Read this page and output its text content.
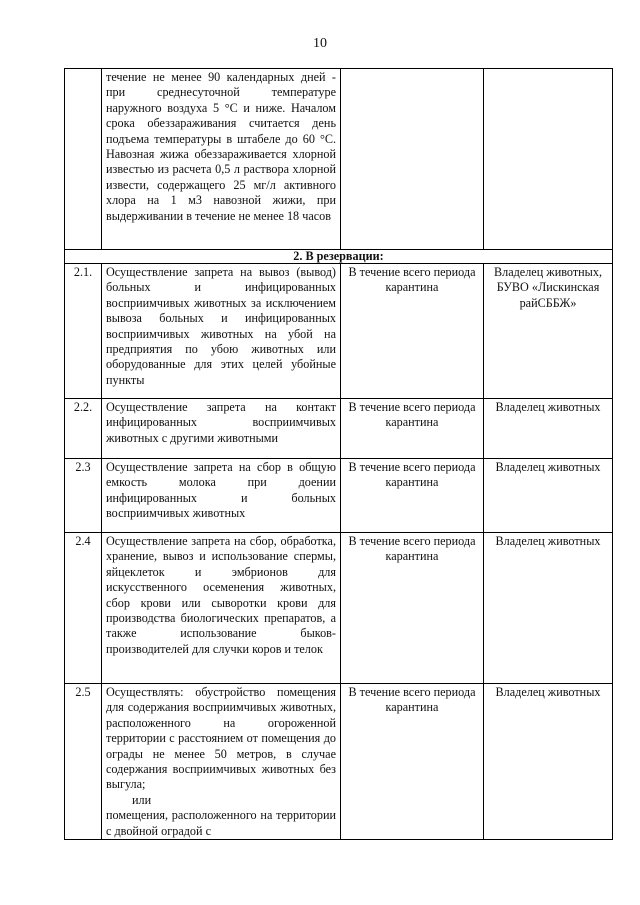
10
	течение не менее 90 календарных дней - при среднесуточной температуре наружного воздуха 5 °С и ниже. Началом срока обеззараживания считается день подъема температуры в штабеле до 60 °С. Навозная жижа обеззараживается хлорной известью из расчета 0,5 л раствора хлорной извести, содержащего 25 мг/л активного хлора на 1 м3 навозной жижи, при выдерживании в течение не менее 18 часов		
2. В резервации:			
2.1.	Осуществление запрета на вывоз (вывод) больных и инфицированных восприимчивых животных за исключением вывоза больных и инфицированных восприимчивых животных на убой на предприятия по убою животных или оборудованные для этих целей убойные пункты	В течение всего периода карантина	Владелец животных, БУВО «Лискинская райСББЖ»
2.2.	Осуществление запрета на контакт инфицированных восприимчивых животных с другими животными	В течение всего периода карантина	Владелец животных
2.3	Осуществление запрета на сбор в общую емкость молока при доении инфицированных и больных восприимчивых животных	В течение всего периода карантина	Владелец животных
2.4	Осуществление запрета на сбор, обработка, хранение, вывоз и использование спермы, яйцеклеток и эмбрионов для искусственного осеменения животных, сбор крови или сыворотки крови для производства биологических препаратов, а также использование быков-производителей для случки коров и телок	В течение всего периода карантина	Владелец животных
2.5	Осуществлять: обустройство помещения для содержания восприимчивых животных, расположенного на огороженной территории с расстоянием от помещения до ограды не менее 50 метров, в случае содержания восприимчивых животных без выгула;
или
помещения, расположенного на территории с двойной оградой с	В течение всего периода карантина	Владелец животных
